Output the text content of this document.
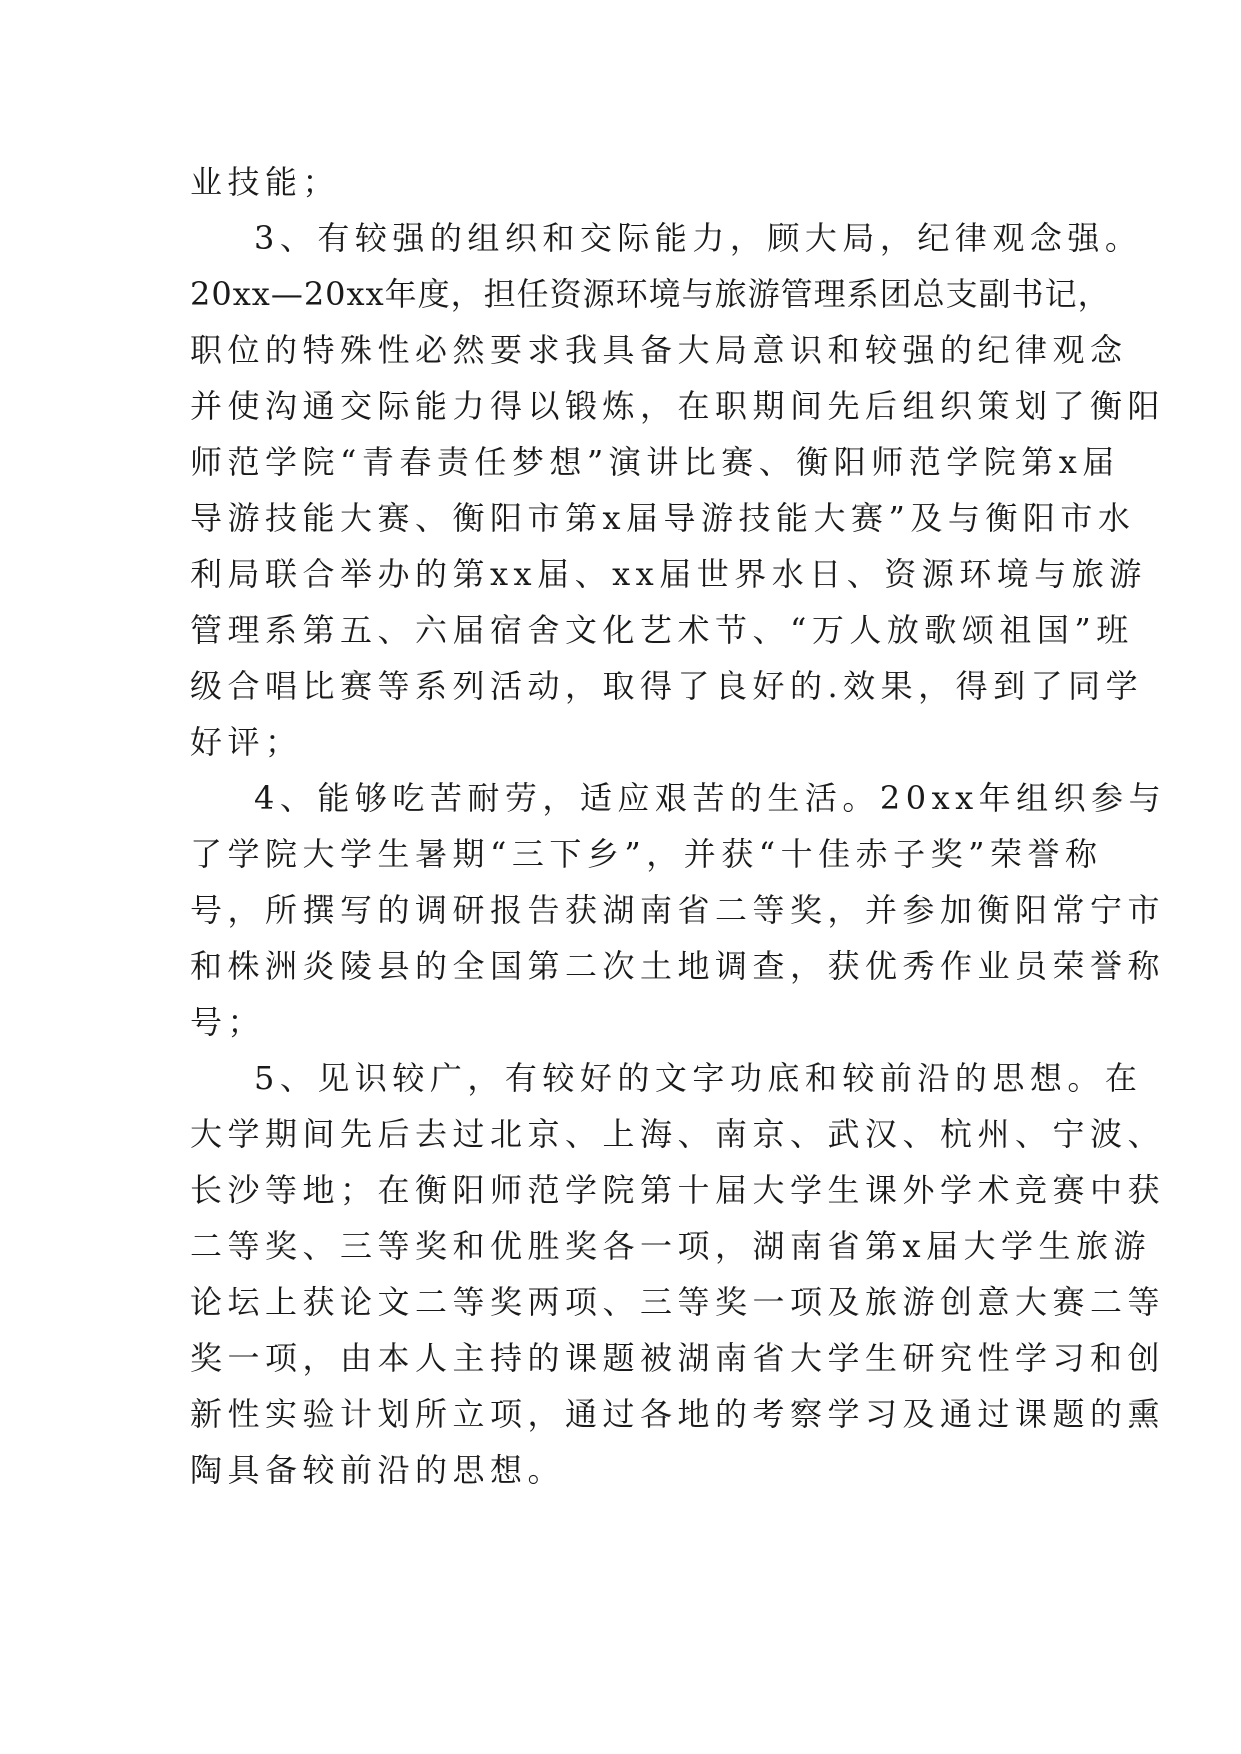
业技能；
3、有较强的组织和交际能力，顾大局，纪律观念强。
20xx—20xx年度，担任资源环境与旅游管理系团总支副书记，
职位的特殊性必然要求我具备大局意识和较强的纪律观念
并使沟通交际能力得以锻炼，在职期间先后组织策划了衡阳
师范学院“青春责任梦想”演讲比赛、衡阳师范学院第x届
导游技能大赛、衡阳市第x届导游技能大赛”及与衡阳市水
利局联合举办的第xx届、xx届世界水日、资源环境与旅游
管理系第五、六届宿舍文化艺术节、“万人放歌颂祖国”班
级合唱比赛等系列活动，取得了良好的.效果，得到了同学
好评；
4、能够吃苦耐劳，适应艰苦的生活。20xx年组织参与
了学院大学生暑期“三下乡”，并获“十佳赤子奖”荣誉称
号，所撰写的调研报告获湖南省二等奖，并参加衡阳常宁市
和株洲炎陵县的全国第二次土地调查，获优秀作业员荣誉称
号；
5、见识较广，有较好的文字功底和较前沿的思想。在
大学期间先后去过北京、上海、南京、武汉、杭州、宁波、
长沙等地；在衡阳师范学院第十届大学生课外学术竞赛中获
二等奖、三等奖和优胜奖各一项，湖南省第x届大学生旅游
论坛上获论文二等奖两项、三等奖一项及旅游创意大赛二等
奖一项，由本人主持的课题被湖南省大学生研究性学习和创
新性实验计划所立项，通过各地的考察学习及通过课题的熏
陶具备较前沿的思想。
